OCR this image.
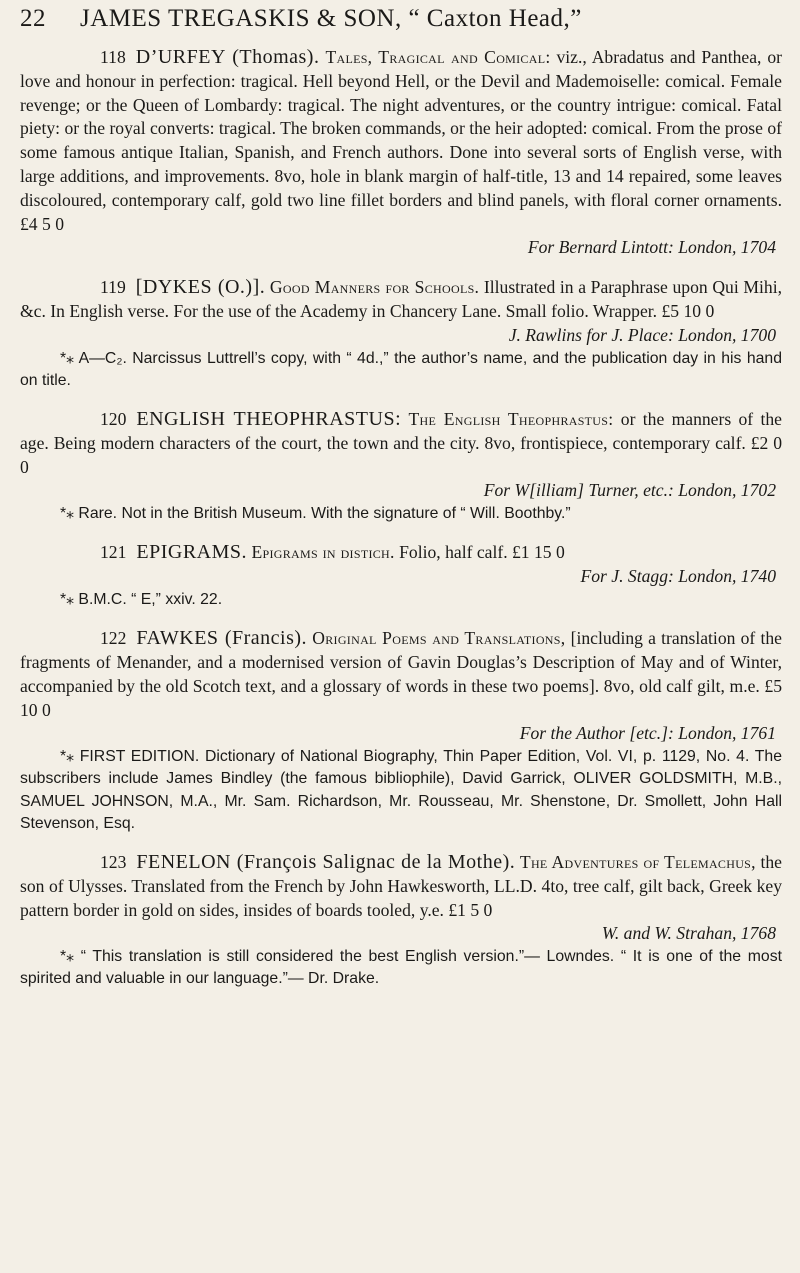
22 JAMES TREGASKIS & SON, “ Caxton Head,”

118 D’URFEY (Thomas). Tales, Tragical and Comical: viz., Abradatus and Panthea, or love and honour in perfection: tragical. Hell beyond Hell, or the Devil and Mademoiselle: comical. Female revenge; or the Queen of Lombardy: tragical. The night adventures, or the country intrigue: comical. Fatal piety: or the royal converts: tragical. The broken commands, or the heir adopted: comical. From the prose of some famous antique Italian, Spanish, and French authors. Done into several sorts of English verse, with large additions, and improvements. 8vo, hole in blank margin of half-title, 13 and 14 repaired, some leaves discoloured, contemporary calf, gold two line fillet borders and blind panels, with floral corner ornaments. £4 5 0

For Bernard Lintott: London, 1704

119 [DYKES (O.)]. Good Manners for Schools. Illustrated in a Paraphrase upon Qui Mihi, &c. In English verse. For the use of the Academy in Chancery Lane. Small folio. Wrapper. £5 10 0

J. Rawlins for J. Place: London, 1700

*⁎ A—C₂. Narcissus Luttrell’s copy, with “ 4d.,” the author’s name, and the publication day in his hand on title.

120 ENGLISH THEOPHRASTUS: The English Theophrastus: or the manners of the age. Being modern characters of the court, the town and the city. 8vo, frontispiece, contemporary calf. £2 0 0

For W[illiam] Turner, etc.: London, 1702

*⁎ Rare. Not in the British Museum. With the signature of “ Will. Boothby.”

121 EPIGRAMS. Epigrams in distich. Folio, half calf. £1 15 0

For J. Stagg: London, 1740

*⁎ B.M.C. “ E,” xxiv. 22.

122 FAWKES (Francis). Original Poems and Translations, [including a translation of the fragments of Menander, and a modernised version of Gavin Douglas’s Description of May and of Winter, accompanied by the old Scotch text, and a glossary of words in these two poems]. 8vo, old calf gilt, m.e. £5 10 0

For the Author [etc.]: London, 1761

*⁎ FIRST EDITION. Dictionary of National Biography, Thin Paper Edition, Vol. VI, p. 1129, No. 4. The subscribers include James Bindley (the famous bibliophile), David Garrick, OLIVER GOLDSMITH, M.B., SAMUEL JOHNSON, M.A., Mr. Sam. Richardson, Mr. Rousseau, Mr. Shenstone, Dr. Smollett, John Hall Stevenson, Esq.

123 FENELON (François Salignac de la Mothe). The Adventures of Telemachus, the son of Ulysses. Translated from the French by John Hawkesworth, LL.D. 4to, tree calf, gilt back, Greek key pattern border in gold on sides, insides of boards tooled, y.e. £1 5 0

W. and W. Strahan, 1768

*⁎ “ This translation is still considered the best English version.”— Lowndes. “ It is one of the most spirited and valuable in our language.”— Dr. Drake.
